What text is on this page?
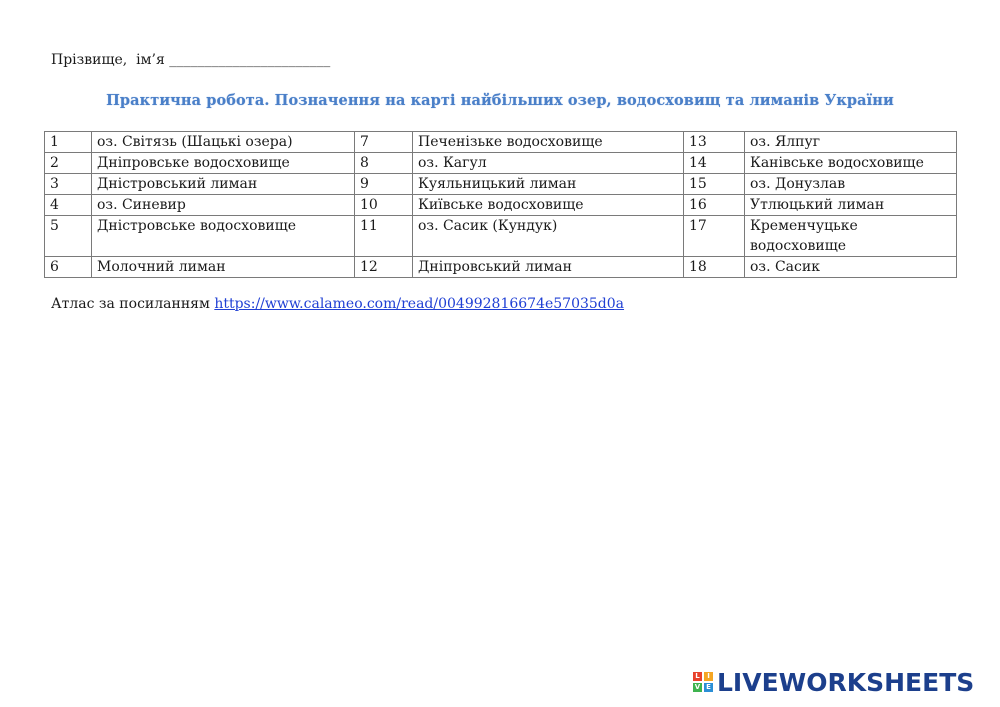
Прізвище,  ім’я _______________________
Практична робота. Позначення на карті найбільших озер, водосховищ та лиманів України
1	оз. Світязь (Шацькі озера)	7	Печенізьке водосховище	13	оз. Ялпуг
2	Дніпровське водосховище	8	оз. Кагул	14	Канівське водосховище
3	Дністровський лиман	9	Куяльницький лиман	15	оз. Донузлав
4	оз. Синевир	10	Київське водосховище	16	Утлюцький лиман
5	Дністровське водосховище	11	оз. Сасик (Кундук)	17	Кременчуцьке водосховище
6	Молочний лиман	12	Дніпровський лиман	18	оз. Сасик
Атлас за посиланням https://www.calameo.com/read/004992816674e57035d0a
L	I
V E LIVEWORKSHEETS
